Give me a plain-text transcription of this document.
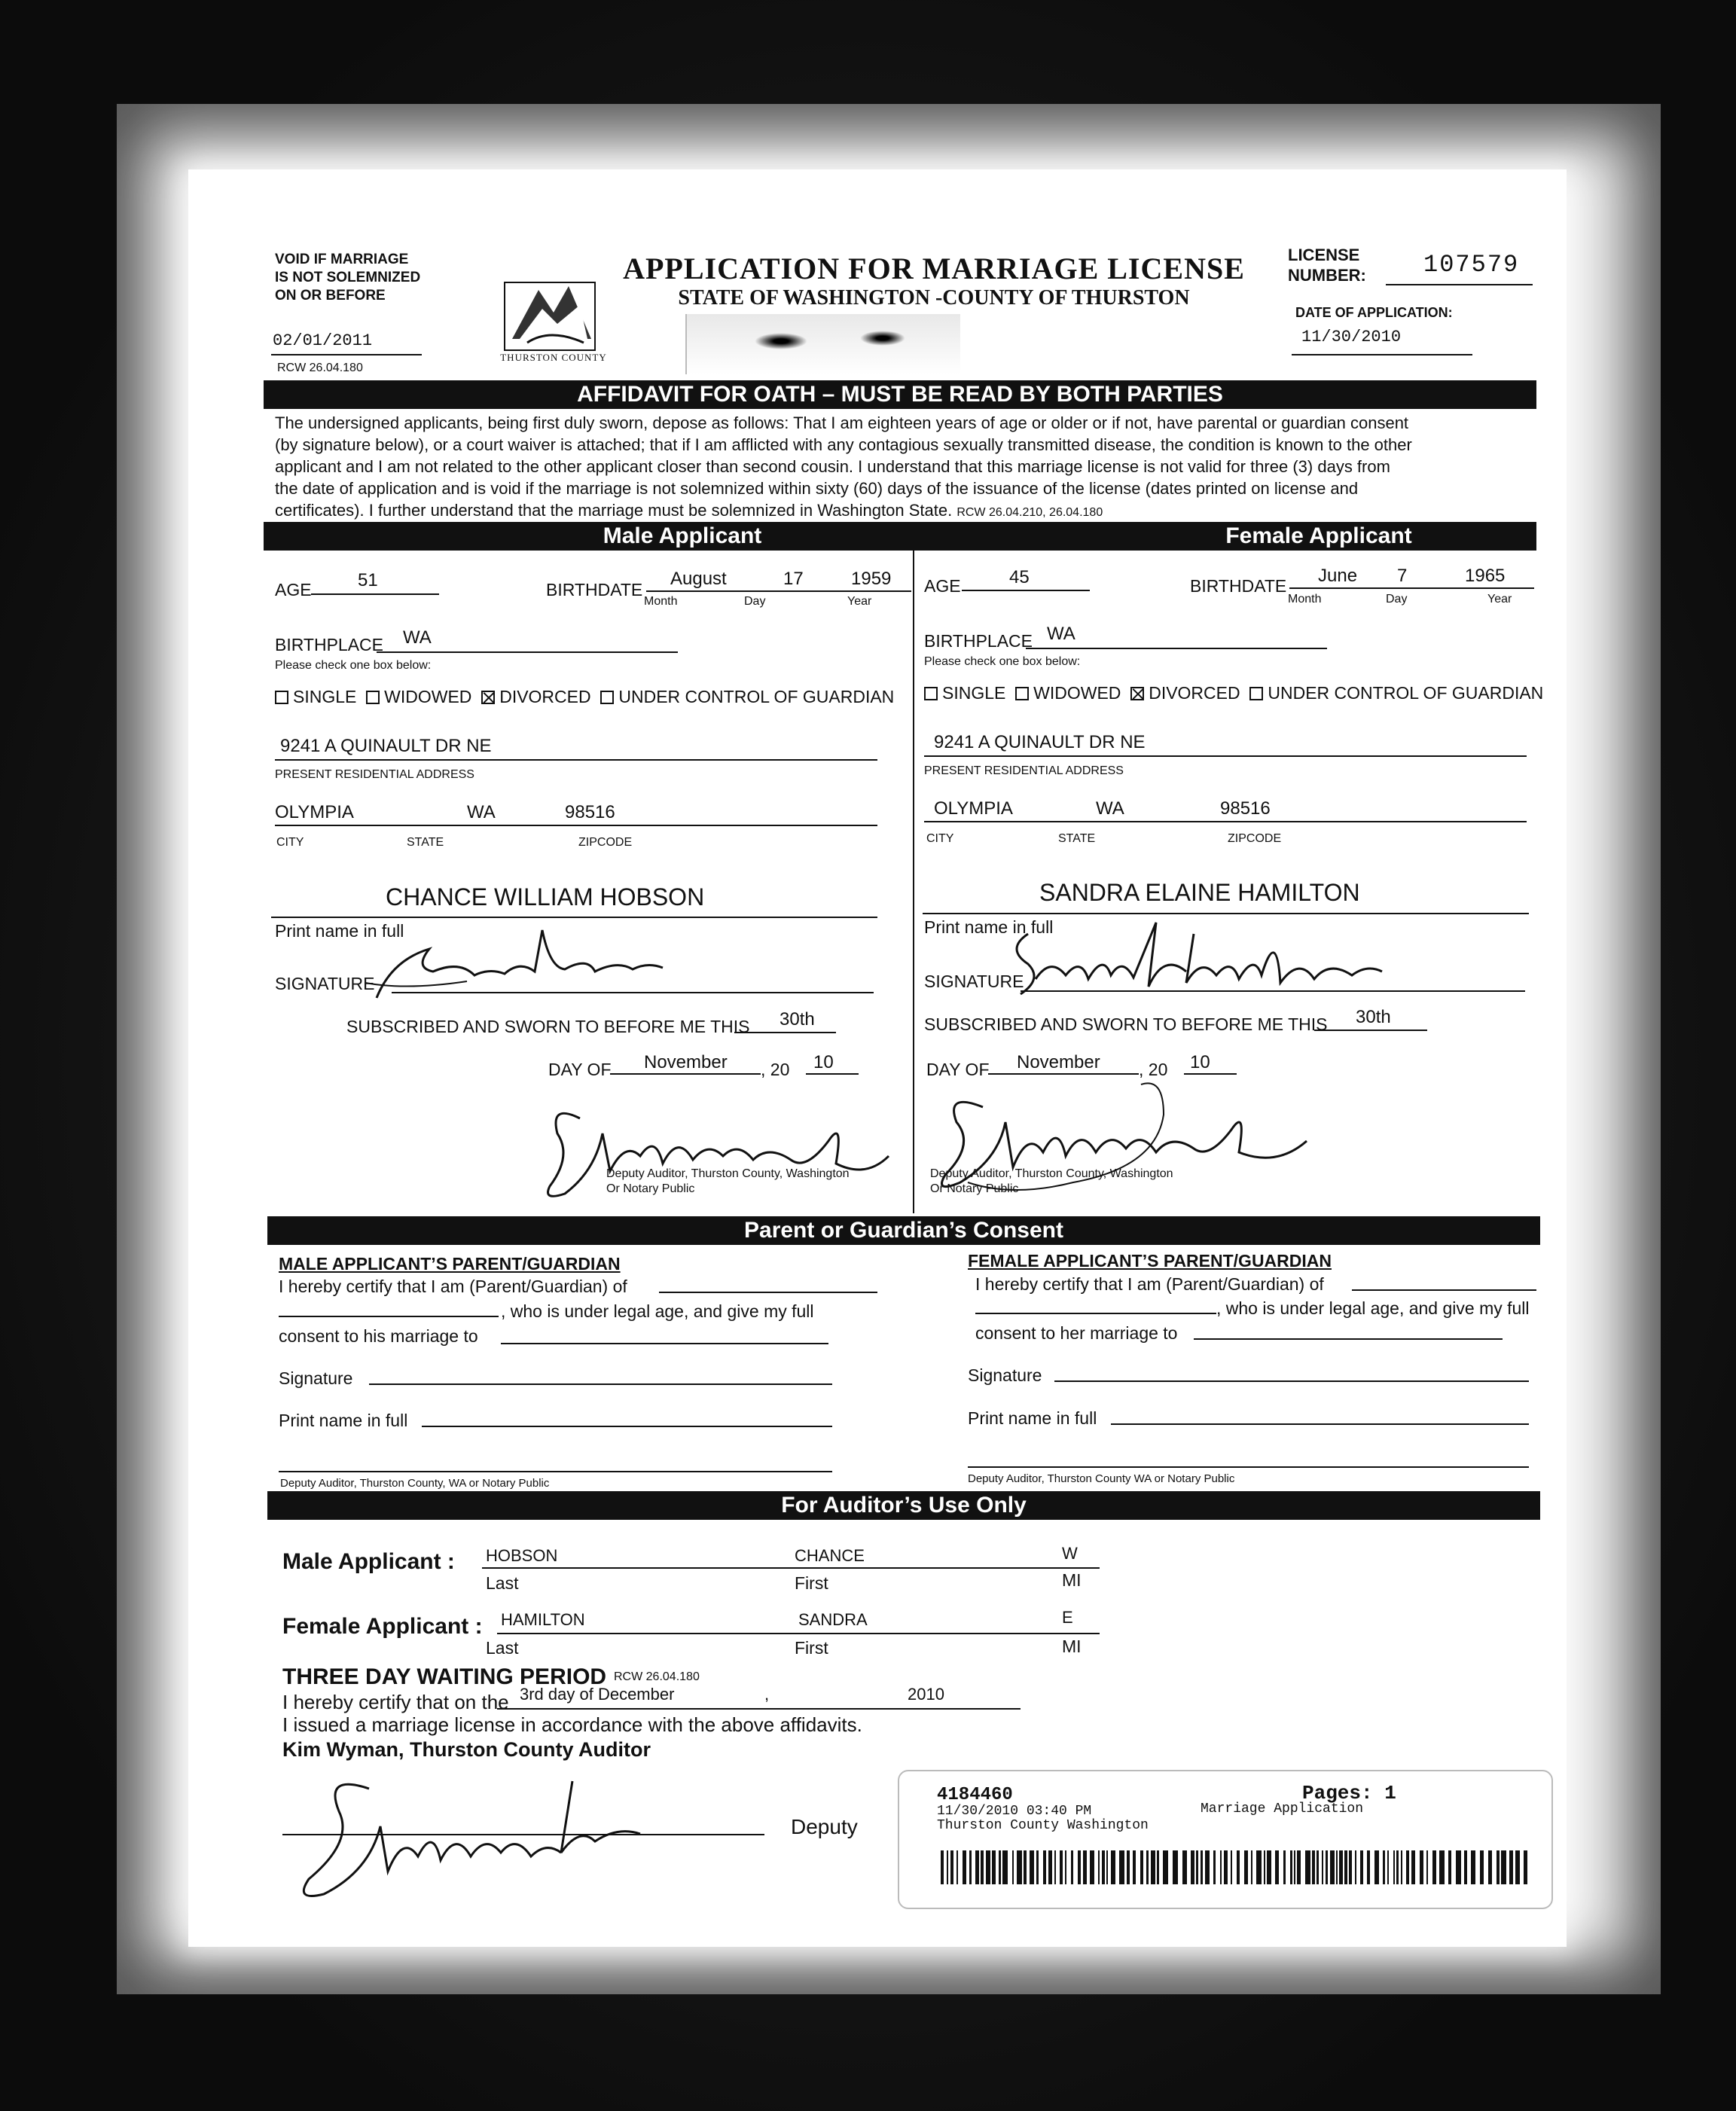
VOID IF MARRIAGE
IS NOT SOLEMNIZED
ON OR BEFORE
02/01/2011
RCW 26.04.180
THURSTON COUNTY
APPLICATION FOR MARRIAGE LICENSE
STATE OF WASHINGTON -COUNTY OF THURSTON
LICENSE
NUMBER: 107579
DATE OF APPLICATION:
11/30/2010
AFFIDAVIT FOR OATH – MUST BE READ BY BOTH PARTIES
The undersigned applicants, being first duly sworn, depose as follows: That I am eighteen years of age or older or if not, have parental or guardian consent
(by signature below), or a court waiver is attached; that if I am afflicted with any contagious sexually transmitted disease, the condition is known to the other
applicant and I am not related to the other applicant closer than second cousin. I understand that this marriage license is not valid for three (3) days from
the date of application and is void if the marriage is not solemnized within sixty (60) days of the issuance of the license (dates printed on license and
certificates). I further understand that the marriage must be solemnized in Washington State. RCW 26.04.210, 26.04.180
Male Applicant	Female Applicant
AGE	51	BIRTHDATE
August	17	1959
Month	Day	Year
BIRTHPLACE WA
Please check one box below:
SINGLE WIDOWED DIVORCED UNDER CONTROL OF GUARDIAN
9241 A QUINAULT DR NE
PRESENT RESIDENTIAL ADDRESS
OLYMPIA	WA	98516
CITY	STATE	ZIPCODE
CHANCE WILLIAM HOBSON
Print name in full
SIGNATURE
SUBSCRIBED AND SWORN TO BEFORE ME THIS 30th
DAY OF November , 20 10
Deputy Auditor, Thurston County, Washington
Or Notary Public
AGE	45	BIRTHDATE June 7	1965
Month	Day	Year
BIRTHPLACE WA
Please check one box below:
SINGLE WIDOWED DIVORCED UNDER CONTROL OF GUARDIAN
9241 A QUINAULT DR NE
PRESENT RESIDENTIAL ADDRESS
OLYMPIA	WA	98516
CITY	STATE	ZIPCODE
SANDRA ELAINE HAMILTON
Print name in full
SIGNATURE
SUBSCRIBED AND SWORN TO BEFORE ME THIS 30th
DAY OF November , 20 10
Deputy Auditor, Thurston County, Washington
Or Notary Public
Parent or Guardian’s Consent
MALE APPLICANT’S PARENT/GUARDIAN
I hereby certify that I am (Parent/Guardian) of
, who is under legal age, and give my full
consent to his marriage to
Signature
Print name in full
Deputy Auditor, Thurston County, WA or Notary Public
FEMALE APPLICANT’S PARENT/GUARDIAN
I hereby certify that I am (Parent/Guardian) of
, who is under legal age, and give my full
consent to her marriage to
Signature
Print name in full
Deputy Auditor, Thurston County WA or Notary Public
For Auditor’s Use Only
Male Applicant : HOBSON	CHANCE	W
Last	First	MI
Female Applicant : HAMILTON	SANDRA	E
Last	First	MI
THREE DAY WAITING PERIOD RCW 26.04.180
I hereby certify that on the 3rd day of December	,	2010
I issued a marriage license in accordance with the above affidavits.
Kim Wyman, Thurston County Auditor
Deputy
4184460	Pages: 1
11/30/2010 03:40 PM	Marriage Application
Thurston County Washington
